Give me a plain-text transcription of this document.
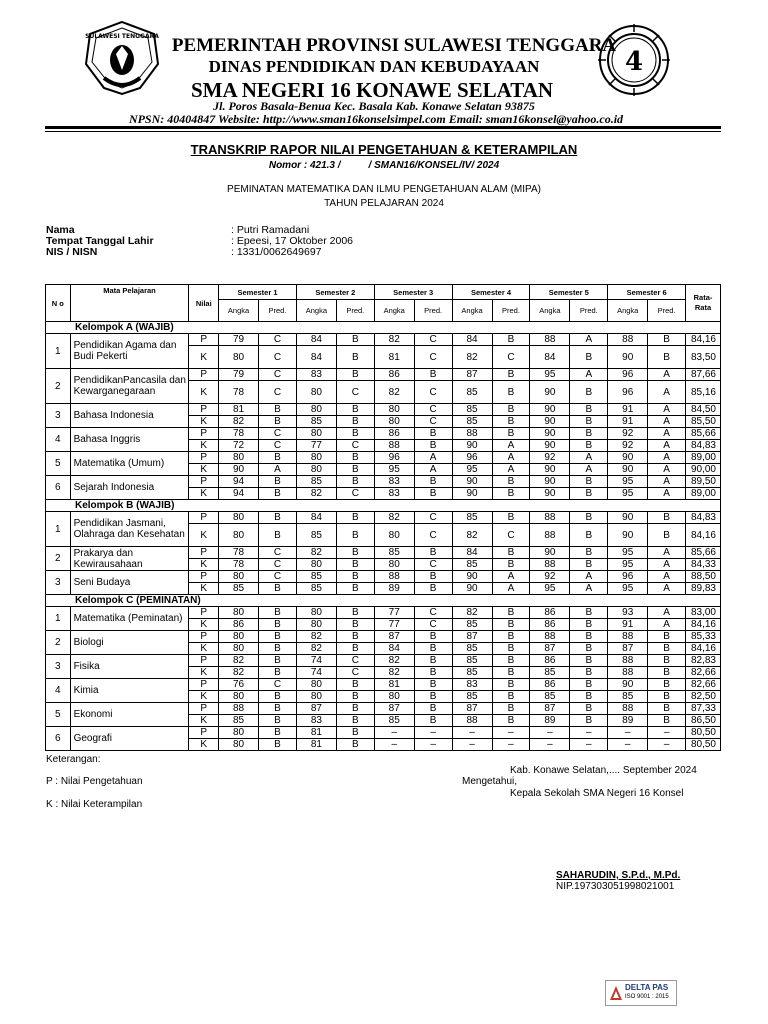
SULAWESI TENGGARA
4
PEMERINTAH PROVINSI SULAWESI TENGGARA
DINAS PENDIDIKAN DAN KEBUDAYAAN
SMA NEGERI 16 KONAWE SELATAN
Jl. Poros Basala-Benua Kec. Basala Kab. Konawe Selatan 93875
NPSN: 40404847 Website: http://www.sman16konselsimpel.com Email: sman16konsel@yahoo.co.id
TRANSKRIP RAPOR NILAI PENGETAHUAN & KETERAMPILAN
Nomor : 421.3 /	/ SMAN16/KONSEL/IV/ 2024
PEMINATAN MATEMATIKA DAN ILMU PENGETAHUAN ALAM (MIPA)
TAHUN PELAJARAN 2024
Nama	: Putri Ramadani
Tempat Tanggal Lahir	: Epeesi, 17 Oktober 2006
NIS / NISN	: 1331/0062649697
N o	Mata Pelajaran	Nilai	Semester 1		Semester 2		Semester 3		Semester 4		Semester 5		Semester 6		Rata- Rata
			Angka	Pred.	Angka	Pred.	Angka	Pred.	Angka	Pred.	Angka	Pred.	Angka	Pred.	
Kelompok A (WAJIB)															
1	Pendidikan Agama dan Budi Pekerti	P	79	C	84	B	82	C	84	B	88	A	88	B	84,16
		K	80	C	84	B	81	C	82	C	84	B	90	B	83,50
2	PendidikanPancasila dan Kewarganegaraan	P	79	C	83	B	86	B	87	B	95	A	96	A	87,66
		K	78	C	80	C	82	C	85	B	90	B	96	A	85,16
3	Bahasa Indonesia	P	81	B	80	B	80	C	85	B	90	B	91	A	84,50
		K	82	B	85	B	80	C	85	B	90	B	91	A	85,50
4	Bahasa Inggris	P	78	C	80	B	86	B	88	B	90	B	92	A	85,66
		K	72	C	77	C	88	B	90	A	90	B	92	A	84,83
5	Matematika (Umum)	P	80	B	80	B	96	A	96	A	92	A	90	A	89,00
		K	90	A	80	B	95	A	95	A	90	A	90	A	90,00
6	Sejarah Indonesia	P	94	B	85	B	83	B	90	B	90	B	95	A	89,50
		K	94	B	82	C	83	B	90	B	90	B	95	A	89,00
Kelompok B (WAJIB)															
1	Pendidikan Jasmani, Olahraga dan Kesehatan	P	80	B	84	B	82	C	85	B	88	B	90	B	84,83
		K	80	B	85	B	80	C	82	C	88	B	90	B	84,16
2	Prakarya dan Kewirausahaan	P	78	C	82	B	85	B	84	B	90	B	95	A	85,66
		K	78	C	80	B	80	C	85	B	88	B	95	A	84,33
3	Seni Budaya	P	80	C	85	B	88	B	90	A	92	A	96	A	88,50
		K	85	B	85	B	89	B	90	A	95	A	95	A	89,83
Kelompok C (PEMINATAN)															
1	Matematika (Peminatan)	P	80	B	80	B	77	C	82	B	86	B	93	A	83,00
		K	86	B	80	B	77	C	85	B	86	B	91	A	84,16
2	Biologi	P	80	B	82	B	87	B	87	B	88	B	88	B	85,33
		K	80	B	82	B	84	B	85	B	87	B	87	B	84,16
3	Fisika	P	82	B	74	C	82	B	85	B	86	B	88	B	82,83
		K	82	B	74	C	82	B	85	B	85	B	88	B	82,66
4	Kimia	P	76	C	80	B	81	B	83	B	86	B	90	B	82,66
		K	80	B	80	B	80	B	85	B	85	B	85	B	82,50
5	Ekonomi	P	88	B	87	B	87	B	87	B	87	B	88	B	87,33
		K	85	B	83	B	85	B	88	B	89	B	89	B	86,50
6	Geografi	P	80	B	81	B	–	–	–	–	–	–	–	–	80,50
		K	80	B	81	B	–	–	–	–	–	–	–	–	80,50
Keterangan:
P : Nilai Pengetahuan
K : Nilai Keterampilan
Kab. Konawe Selatan,.... September 2024
Mengetahui,
Kepala Sekolah SMA Negeri 16 Konsel
SAHARUDIN, S.P.d., M.Pd.
NIP.197303051998021001
DELTA PAS
ISO 9001 : 2015
